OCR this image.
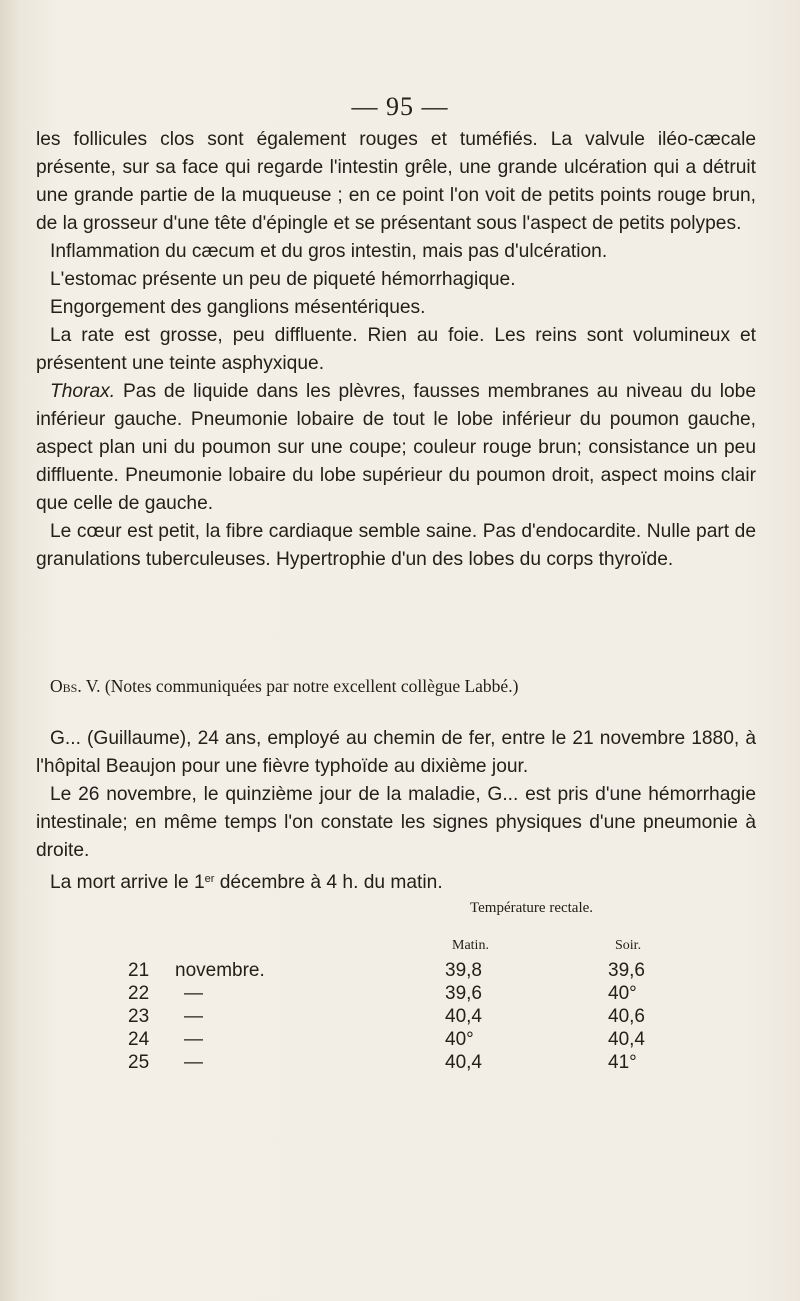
— 95 —

les follicules clos sont également rouges et tuméfiés. La valvule iléo-cæcale présente, sur sa face qui regarde l'intestin grêle, une grande ulcération qui a détruit une grande partie de la muqueuse ; en ce point l'on voit de petits points rouge brun, de la grosseur d'une tête d'épingle et se présentant sous l'aspect de petits polypes.

Inflammation du cæcum et du gros intestin, mais pas d'ulcération.

L'estomac présente un peu de piqueté hémorrhagique.

Engorgement des ganglions mésentériques.

La rate est grosse, peu diffluente. Rien au foie. Les reins sont volumineux et présentent une teinte asphyxique.

Thorax. Pas de liquide dans les plèvres, fausses membranes au niveau du lobe inférieur gauche. Pneumonie lobaire de tout le lobe inférieur du poumon gauche, aspect plan uni du poumon sur une coupe; couleur rouge brun; consistance un peu diffluente. Pneumonie lobaire du lobe supérieur du poumon droit, aspect moins clair que celle de gauche.

Le cœur est petit, la fibre cardiaque semble saine. Pas d'endocardite. Nulle part de granulations tuberculeuses. Hypertrophie d'un des lobes du corps thyroïde.

Obs. V. (Notes communiquées par notre excellent collègue Labbé.)

G... (Guillaume), 24 ans, employé au chemin de fer, entre le 21 novembre 1880, à l'hôpital Beaujon pour une fièvre typhoïde au dixième jour.

Le 26 novembre, le quinzième jour de la maladie, G... est pris d'une hémorrhagie intestinale; en même temps l'on constate les signes physiques d'une pneumonie à droite.

La mort arrive le 1er décembre à 4 h. du matin.

Température rectale.
Matin.	Soir.
21 novembre.	39,8	39,6
22 —	39,6	40°
23 —	40,4	40,6
24 —	40°	40,4
25 —	40,4	41°
